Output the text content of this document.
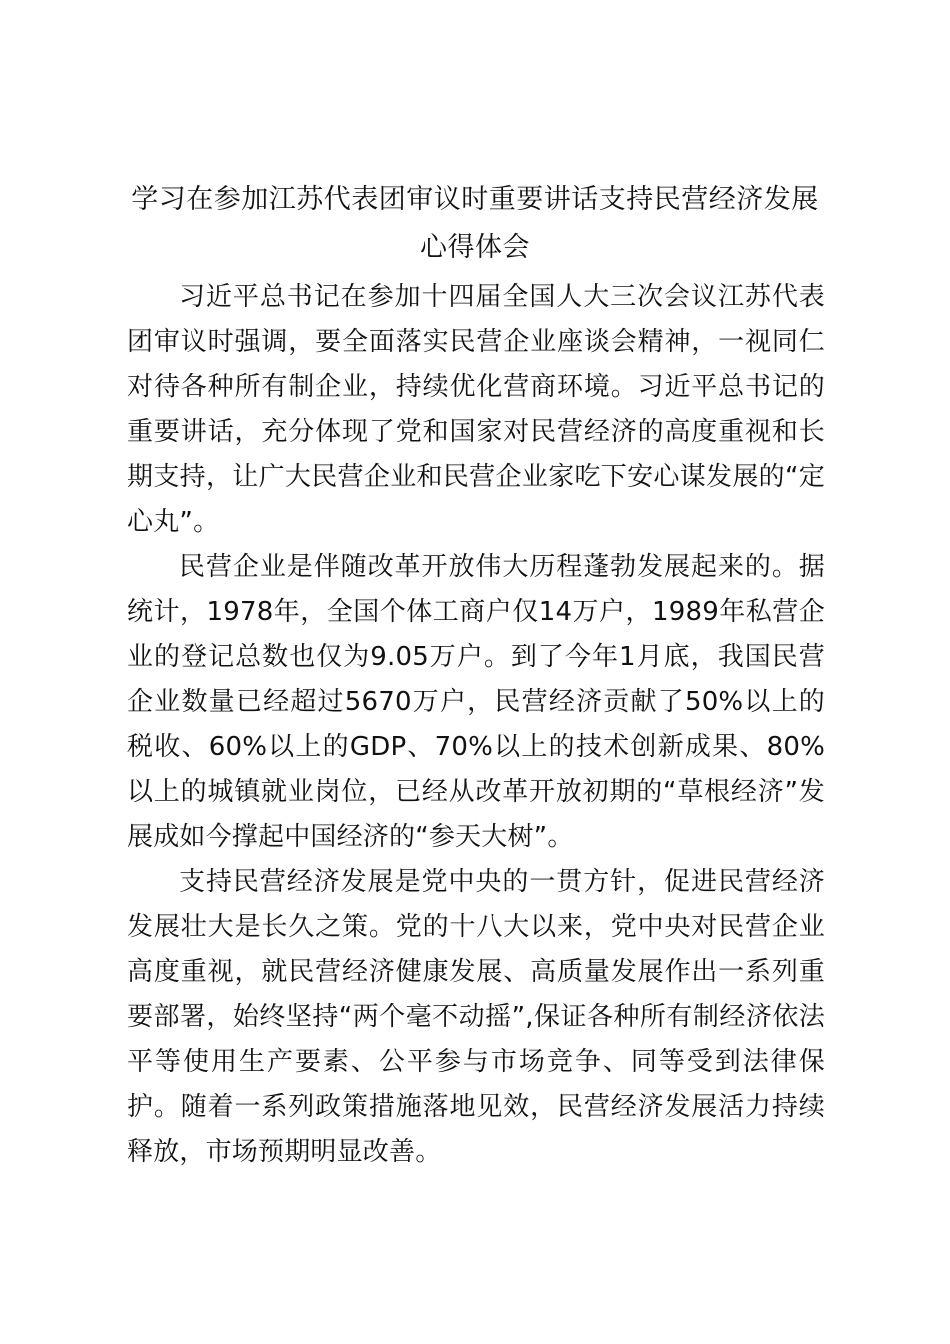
学习在参加江苏代表团审议时重要讲话支持民营经济发展心得体会

习近平总书记在参加十四届全国人大三次会议江苏代表团审议时强调，要全面落实民营企业座谈会精神，一视同仁对待各种所有制企业，持续优化营商环境。习近平总书记的重要讲话，充分体现了党和国家对民营经济的高度重视和长期支持，让广大民营企业和民营企业家吃下安心谋发展的“定心丸”。

民营企业是伴随改革开放伟大历程蓬勃发展起来的。据统计，1978年，全国个体工商户仅14万户，1989年私营企业的登记总数也仅为9.05万户。到了今年1月底，我国民营企业数量已经超过5670万户，民营经济贡献了50%以上的税收、60%以上的GDP、70%以上的技术创新成果、80%以上的城镇就业岗位，已经从改革开放初期的“草根经济”发展成如今撑起中国经济的“参天大树”。

支持民营经济发展是党中央的一贯方针，促进民营经济发展壮大是长久之策。党的十八大以来，党中央对民营企业高度重视，就民营经济健康发展、高质量发展作出一系列重要部署，始终坚持“两个毫不动摇”,保证各种所有制经济依法平等使用生产要素、公平参与市场竞争、同等受到法律保护。随着一系列政策措施落地见效，民营经济发展活力持续释放，市场预期明显改善。
